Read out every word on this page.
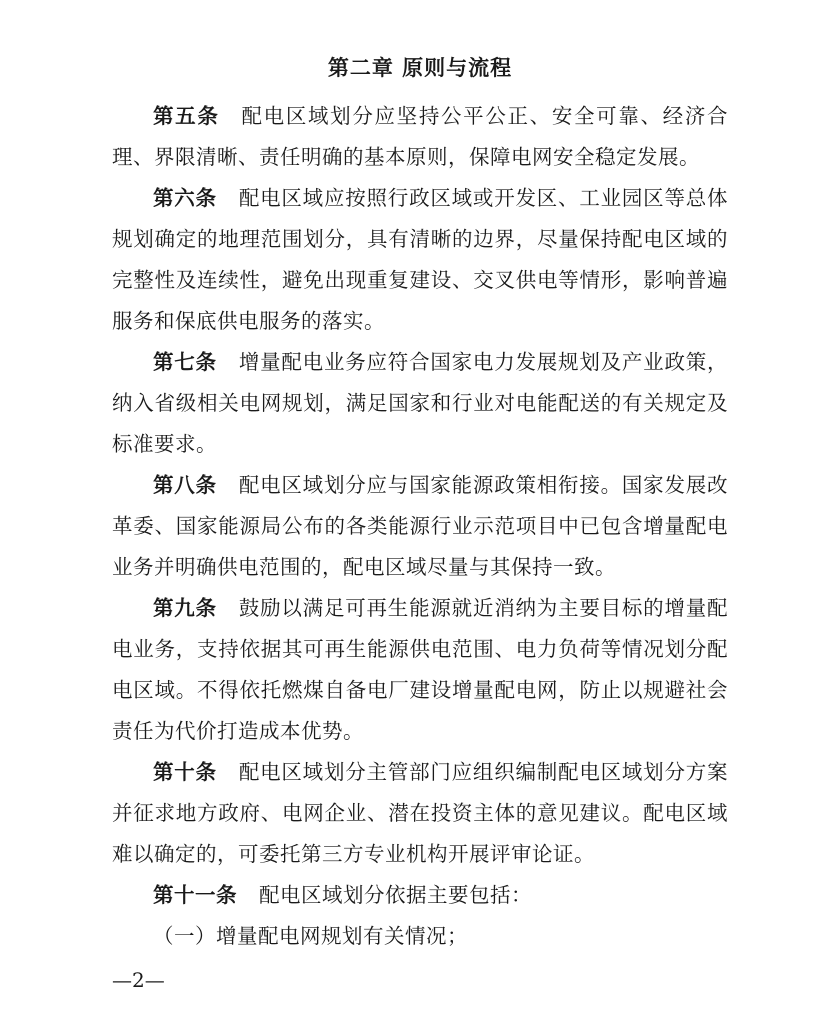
第二章 原则与流程

第五条 配电区域划分应坚持公平公正、安全可靠、经济合理、界限清晰、责任明确的基本原则，保障电网安全稳定发展。

第六条 配电区域应按照行政区域或开发区、工业园区等总体规划确定的地理范围划分，具有清晰的边界，尽量保持配电区域的完整性及连续性，避免出现重复建设、交叉供电等情形，影响普遍服务和保底供电服务的落实。

第七条 增量配电业务应符合国家电力发展规划及产业政策，纳入省级相关电网规划，满足国家和行业对电能配送的有关规定及标准要求。

第八条 配电区域划分应与国家能源政策相衔接。国家发展改革委、国家能源局公布的各类能源行业示范项目中已包含增量配电业务并明确供电范围的，配电区域尽量与其保持一致。

第九条 鼓励以满足可再生能源就近消纳为主要目标的增量配电业务，支持依据其可再生能源供电范围、电力负荷等情况划分配电区域。不得依托燃煤自备电厂建设增量配电网，防止以规避社会责任为代价打造成本优势。

第十条 配电区域划分主管部门应组织编制配电区域划分方案并征求地方政府、电网企业、潜在投资主体的意见建议。配电区域难以确定的，可委托第三方专业机构开展评审论证。

第十一条 配电区域划分依据主要包括：

（一）增量配电网规划有关情况；

—2—
